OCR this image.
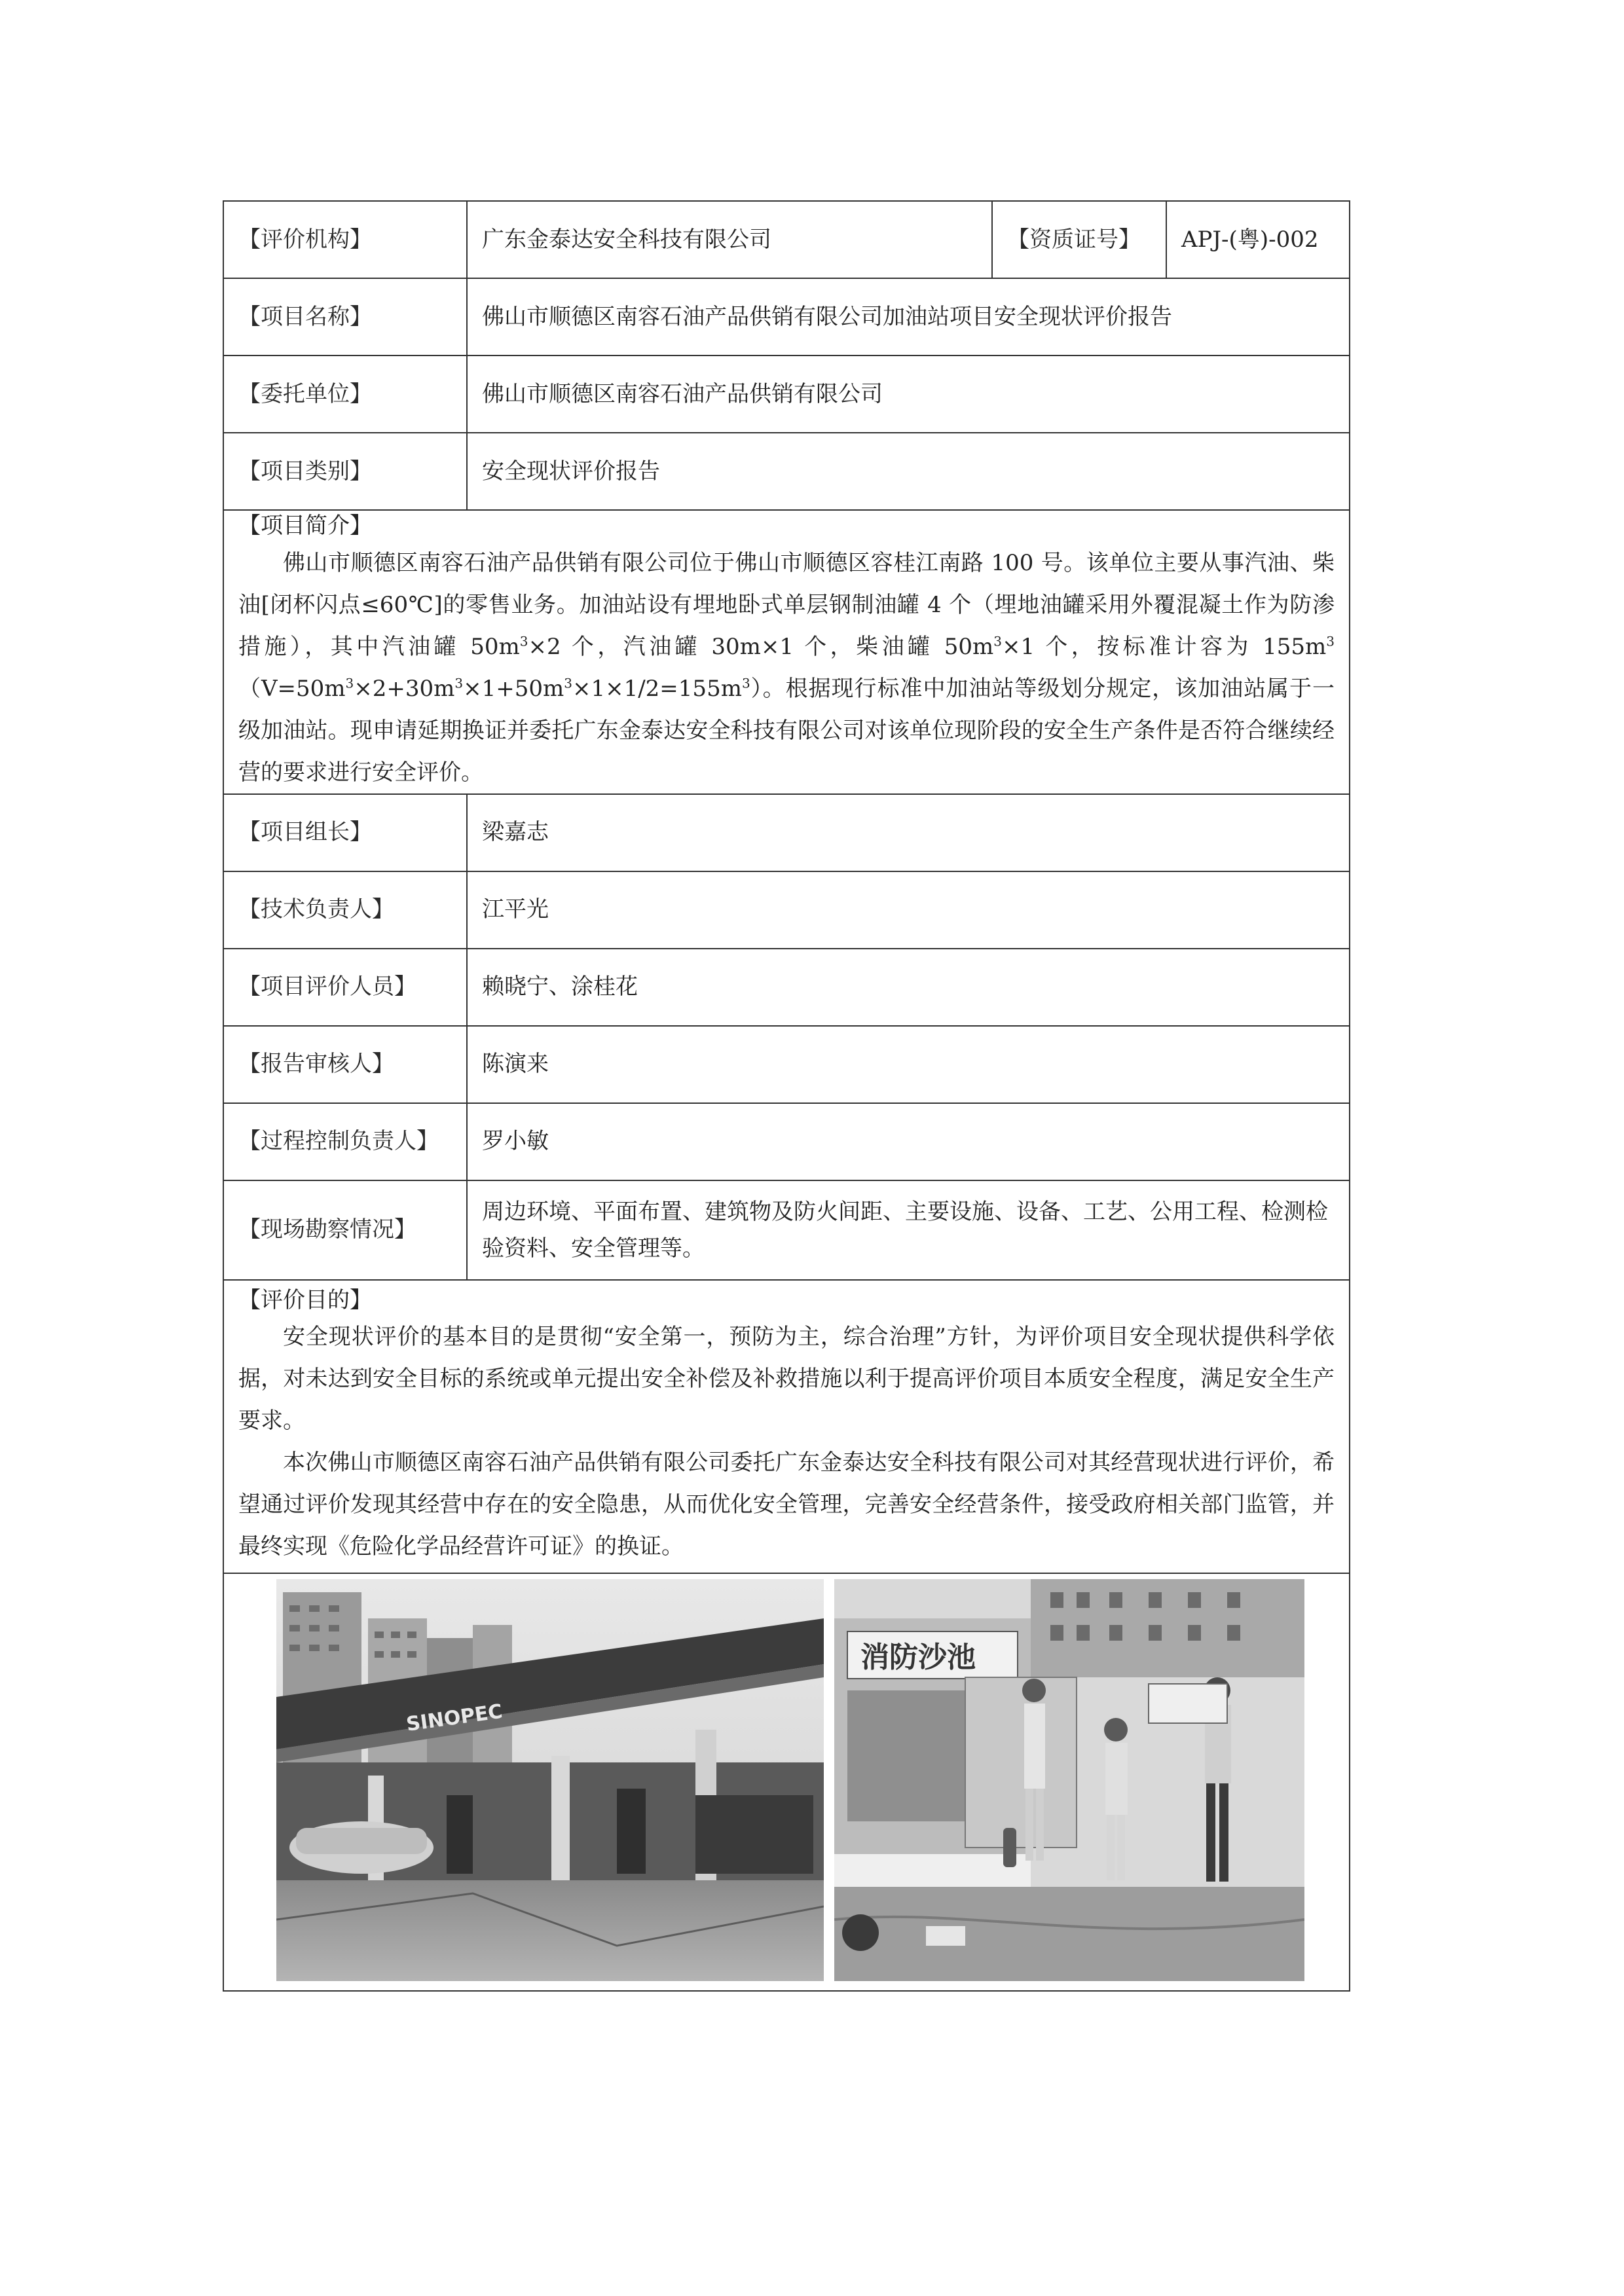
【评价机构】	广东金泰达安全科技有限公司	【资质证号】	APJ-(粤)-002
【项目名称】	佛山市顺德区南容石油产品供销有限公司加油站项目安全现状评价报告		
【委托单位】	佛山市顺德区南容石油产品供销有限公司		
【项目类别】	安全现状评价报告		

【项目简介】

佛山市顺德区南容石油产品供销有限公司位于佛山市顺德区容桂江南路 100 号。该单位主要从事汽油、柴油[闭杯闪点≤60℃]的零售业务。加油站设有埋地卧式单层钢制油罐 4 个（埋地油罐采用外覆混凝土作为防渗措施），其中汽油罐 $50m^3\times 2$ 个，汽油罐 30m×1 个，柴油罐 $50m^3\times 1$ 个，按标准计容为 $155m^3(V=50m^3\times 2+30m^3\times 1+50m^3\times 1\times 1/2=155m^3)$。根据现行标准中加油站等级划分规定，该加油站属于一级加油站。现申请延期换证并委托广东金泰达安全科技有限公司对该单位现阶段的安全生产条件是否符合继续经营的要求进行安全评价。			

【项目组长】	梁嘉志		
【技术负责人】	江平光		
【项目评价人员】	赖晓宁、涂桂花		
【报告审核人】	陈演来		
【过程控制负责人】	罗小敏		
【现场勘察情况】	周边环境、平面布置、建筑物及防火间距、主要设施、设备、工艺、公用工程、检测检验资料、安全管理等。		

【评价目的】

安全现状评价的基本目的是贯彻“安全第一，预防为主，综合治理”方针，为评价项目安全现状提供科学依据，对未达到安全目标的系统或单元提出安全补偿及补救措施以利于提高评价项目本质安全程度，满足安全生产要求。

本次佛山市顺德区南容石油产品供销有限公司委托广东金泰达安全科技有限公司对其经营现状进行评价，希望通过评价发现其经营中存在的安全隐患，从而优化安全管理，完善安全经营条件，接受政府相关部门监管，并最终实现《危险化学品经营许可证》的换证。			

SINOPEC
消防沙池			
